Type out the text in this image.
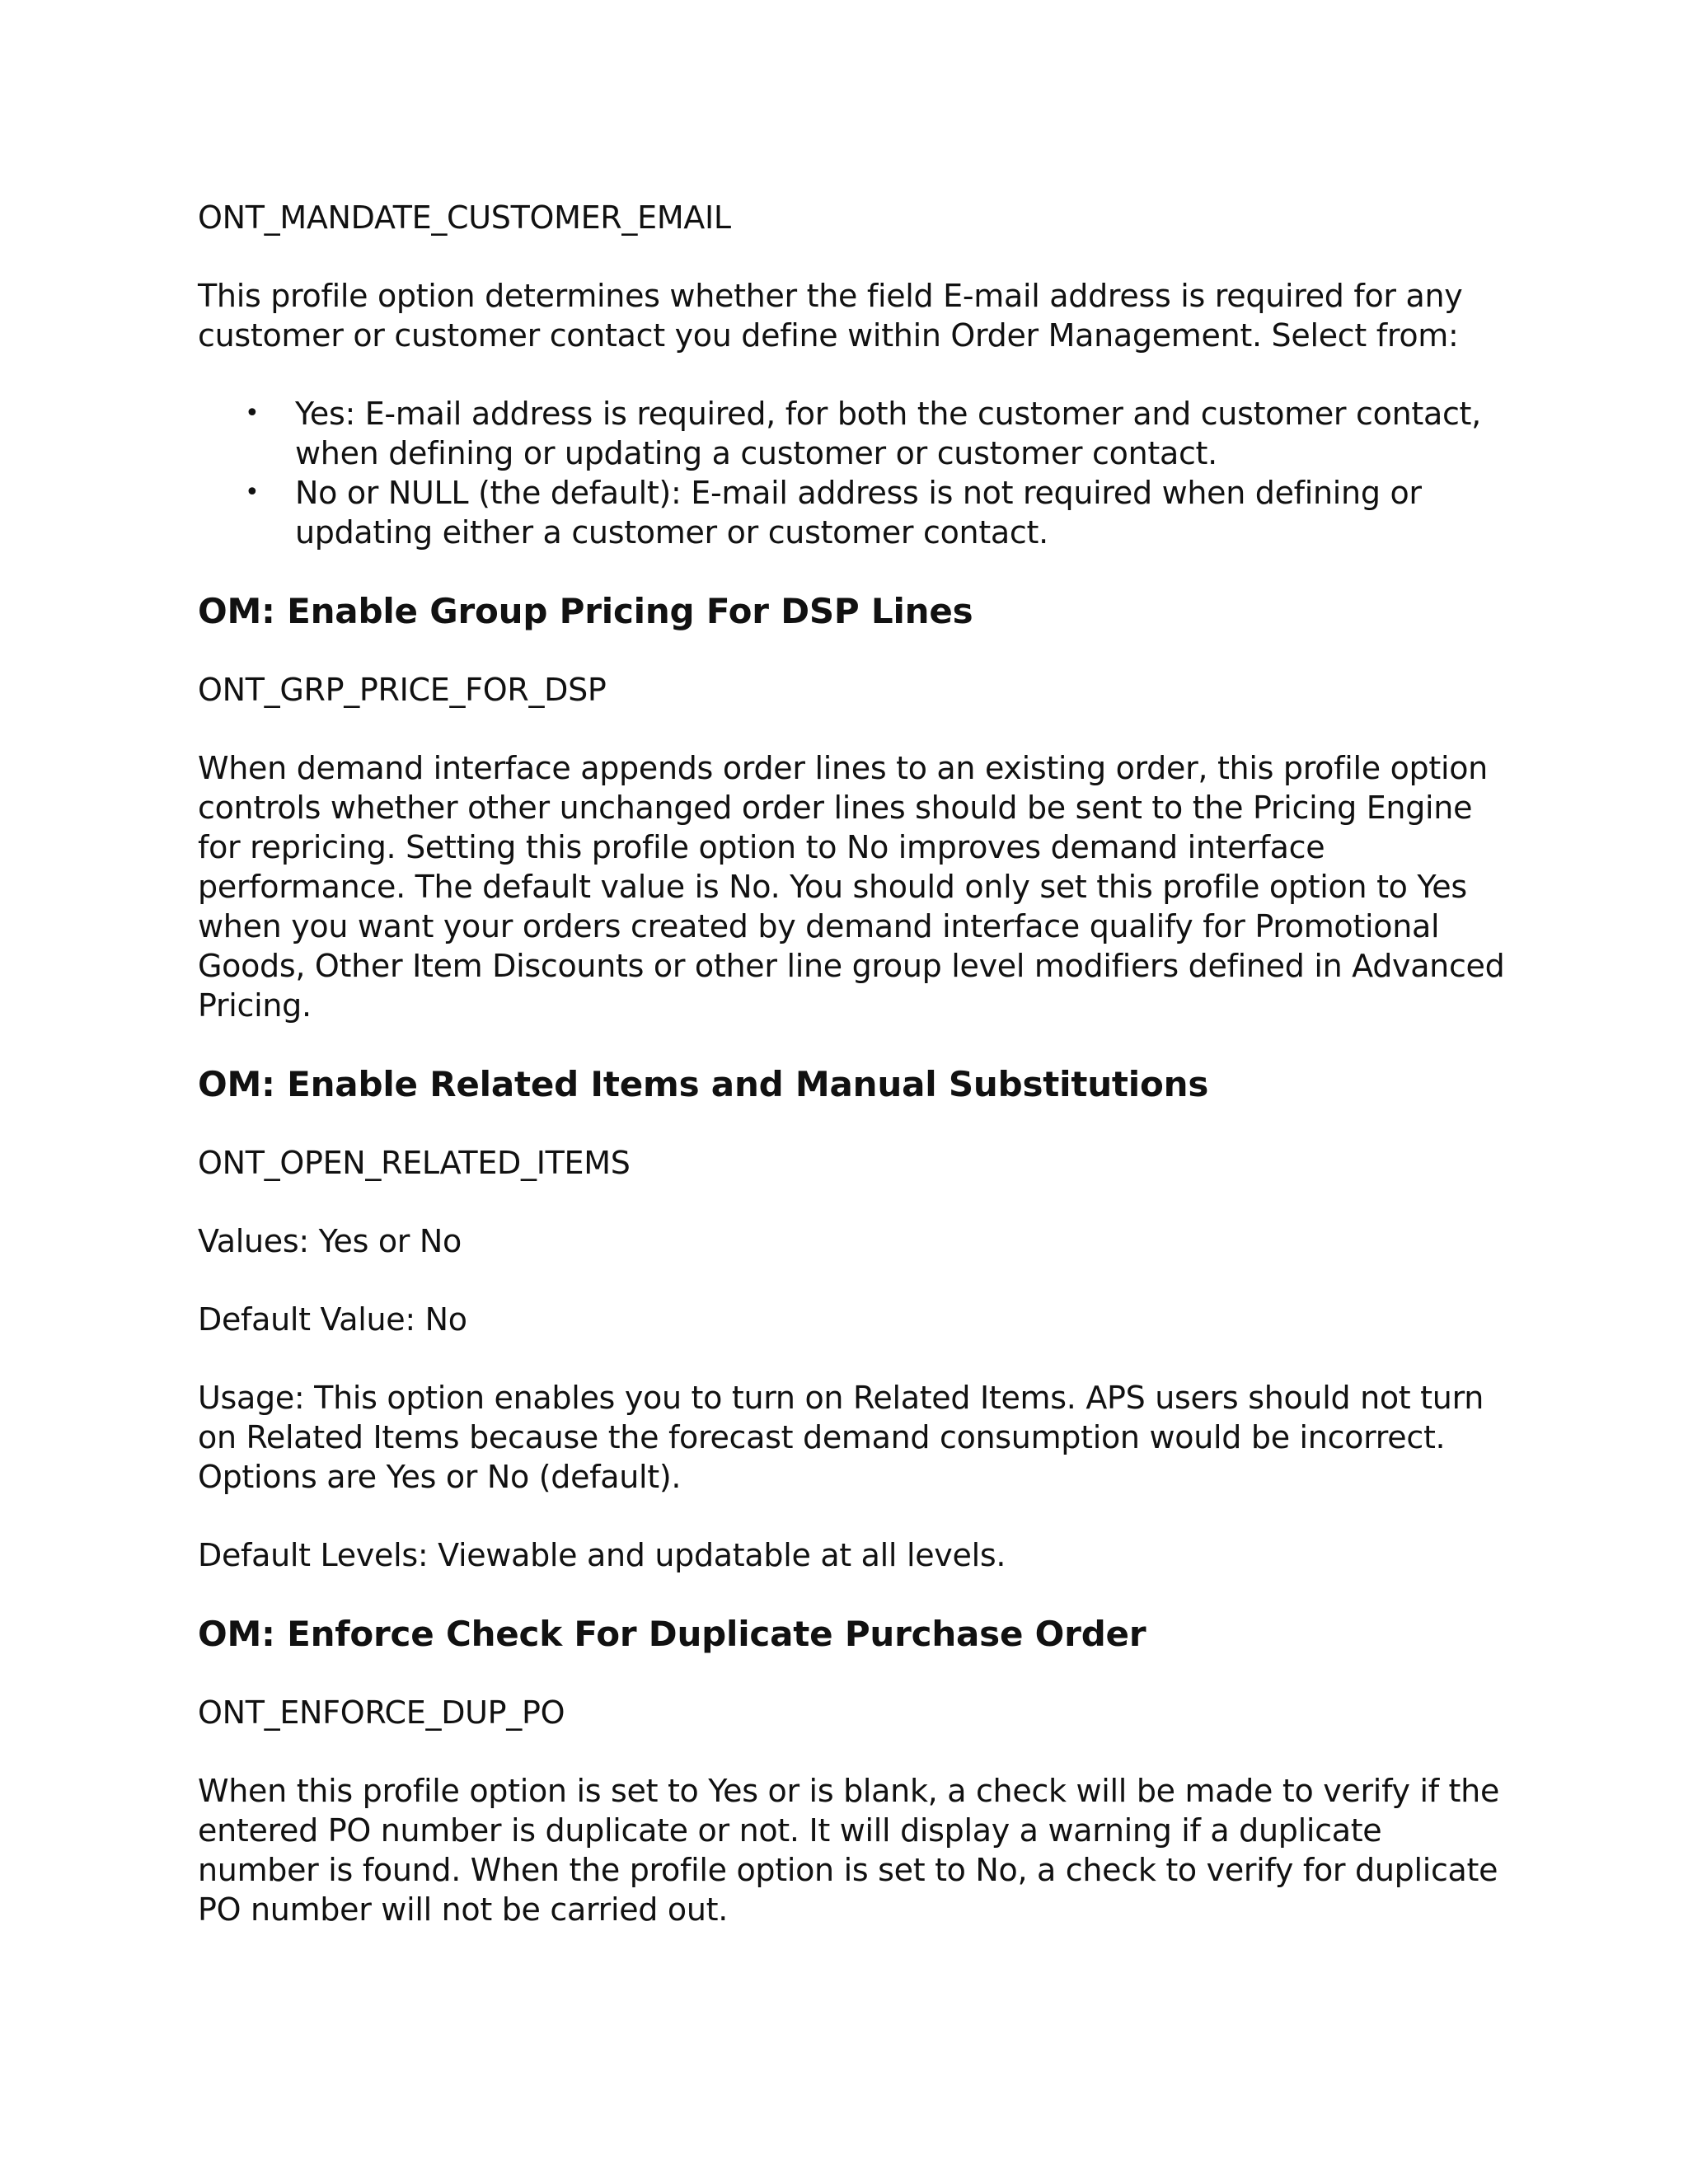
ONT_MANDATE_CUSTOMER_EMAIL

This profile option determines whether the field E-mail address is required for any customer or customer contact you define within Order Management. Select from:

• Yes: E-mail address is required, for both the customer and customer contact, when defining or updating a customer or customer contact.
• No or NULL (the default): E-mail address is not required when defining or updating either a customer or customer contact.
OM: Enable Group Pricing For DSP Lines
ONT_GRP_PRICE_FOR_DSP

When demand interface appends order lines to an existing order, this profile option controls whether other unchanged order lines should be sent to the Pricing Engine for repricing. Setting this profile option to No improves demand interface performance. The default value is No. You should only set this profile option to Yes when you want your orders created by demand interface qualify for Promotional Goods, Other Item Discounts or other line group level modifiers defined in Advanced Pricing.

OM: Enable Related Items and Manual Substitutions
ONT_OPEN_RELATED_ITEMS

Values: Yes or No

Default Value: No

Usage: This option enables you to turn on Related Items. APS users should not turn on Related Items because the forecast demand consumption would be incorrect. Options are Yes or No (default).

Default Levels: Viewable and updatable at all levels.

OM: Enforce Check For Duplicate Purchase Order
ONT_ENFORCE_DUP_PO

When this profile option is set to Yes or is blank, a check will be made to verify if the entered PO number is duplicate or not. It will display a warning if a duplicate number is found. When the profile option is set to No, a check to verify for duplicate PO number will not be carried out.
